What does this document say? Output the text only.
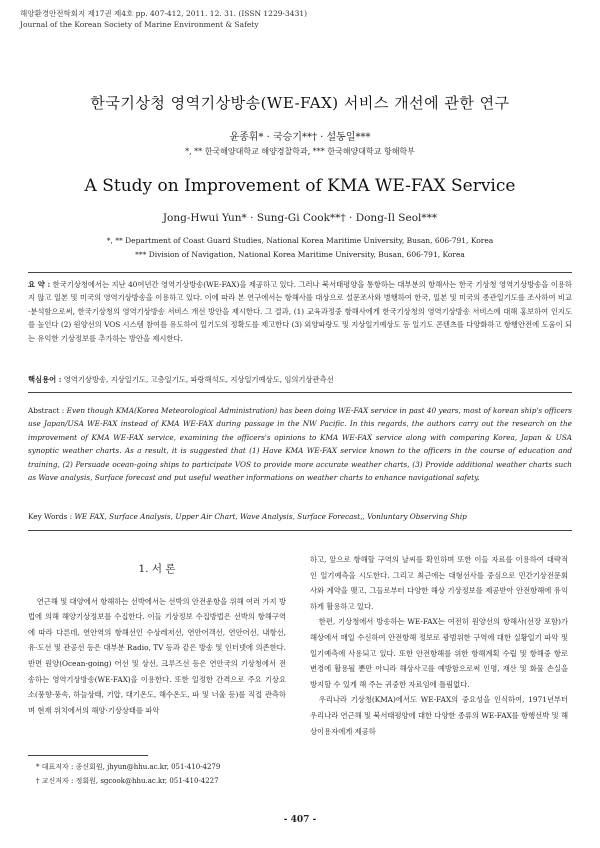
해양환경안전학회지 제17권 제4호 pp. 407-412, 2011. 12. 31. (ISSN 1229-3431)
Journal of the Korean Society of Marine Environment & Safety
한국기상청 영역기상방송(WE-FAX) 서비스 개선에 관한 연구
윤종휘* · 국승기**† · 설동일***
*, ** 한국해양대학교 해양경찰학과, *** 한국해양대학교 항해학부
A Study on Improvement of KMA WE-FAX Service
Jong-Hwui Yun* · Sung-Gi Cook**† · Dong-Il Seol***
*, ** Department of Coast Guard Studies, National Korea Maritime University, Busan, 606-791, Korea
*** Division of Navigation, National Korea Maritime University, Busan, 606-791, Korea
요 약 : 한국기상청에서는 지난 40여년간 영역기상방송(WE-FAX)을 제공하고 있다. 그러나 북서태평양을 통항하는 대부분의 항해사는 한국 기상청 영역기상방송을 이용하지 않고 일본 및 미국의 영역기상방송을 이용하고 있다. 이에 따라 본 연구에서는 항해사를 대상으로 설문조사와 병행하여 한국, 일본 및 미국의 종관일기도를 조사하여 비교·분석함으로써, 한국기상청의 영역기상방송 서비스 개선 방안을 제시한다. 그 결과, (1) 교육과정중 항해사에게 한국기상청의 영역기상방송 서비스에 대해 홍보하여 인지도를 높인다 (2) 원양선의 VOS 시스템 참여를 유도하여 일기도의 정확도를 제고한다 (3) 외양파랑도 및 지상일기예상도 등 일기도 콘텐츠를 다양화하고 항행안전에 도움이 되는 유익한 기상정보를 추가하는 방안을 제시한다.
핵심용어 : 영역기상방송, 지상일기도, 고층일기도, 파랑해석도, 지상일기예상도, 임의기상관측선
Abstract : Even though KMA(Korea Meteorological Administration) has been doing WE-FAX service in past 40 years, most of korean ship's officers use Japan/USA WE-FAX instead of KMA WE-FAX during passage in the NW Pacific. In this regards, the authors carry out the research on the improvement of KMA WE-FAX service, examining the officers's opinions to KMA WE-FAX service along with comparing Korea, Japan & USA synoptic weather charts. As a result, it is suggested that (1) Have KMA WE-FAX service known to the officers in the course of education and training, (2) Persuade ocean-going ships to participate VOS to provide more accurate weather charts, (3) Provide additional weather charts such as Wave analysis, Surface forecast and put useful weather informations on weather charts to enhance navigational safety.
Key Words : WE FAX, Surface Analysis, Upper Air Chart, Wave Analysis, Surface Forecast,, Vonluntary Observing Ship
1. 서 론

연근해 및 대양에서 항해하는 선박에서는 선박의 안전운항을 위해 여러 가지 방법에 의해 해양기상정보를 수집한다. 이들 기상정보 수집방법은 선박의 항해구역에 따라 다른데, 연안역의 항해선인 수상레저선, 연안어객선, 연안어선, 내항선, 유·도선 및 관공선 등은 대부분 Radio, TV 등과 같은 방송 및 인터넷에 의존한다. 반면 원양(Ocean-going) 어선 및 상선, 크루즈선 등은 연안국의 기상청에서 전송하는 영역기상방송(WE-FAX)을 이용한다. 또한 일정한 간격으로 주요 기상요소(풍향·풍속, 하늘상태, 기압, 대기온도, 해수온도, 파 및 너울 등)를 직접 관측하며 현재 위치에서의 해양·기상상태를 파악

하고, 앞으로 항해할 구역의 날씨를 확인하며 또한 이들 자료를 이용하여 대략적인 일기예측을 시도한다. 그리고 최근에는 대형선사를 중심으로 민간기상전문회사와 계약을 맺고, 그들로부터 다양한 해상 기상정보를 제공받아 안전항해에 유익하게 활용하고 있다.

한편, 기상청에서 방송하는 WE-FAX는 여전히 원양선의 항해사(선장 포함)가 해상에서 매일 수신하여 안전항해 정보로 광범위한 구역에 대한 실황일기 파악 및 일기예측에 사용되고 있다. 또한 안전항해를 위한 항해계획 수립 및 항해중 항로변경에 활용될 뿐만 아니라 해상사고를 예방함으로써 인명, 재산 및 화물 손실을 방지할 수 있게 해 주는 귀중한 자료임에 틀림없다.

우리나라 기상청(KMA)에서도 WE-FAX의 중요성을 인식하여, 1971년부터 우리나라 연근해 및 북서태평양에 대한 다양한 종류의 WE-FAX를 항행선박 및 해상이용자에게 제공하

* 대표저자 : 종신회원, jhyun@hhu.ac.kr, 051-410-4279
† 교신저자 : 정회원, sgcook@hhu.ac.kr, 051-410-4227
- 407 -
